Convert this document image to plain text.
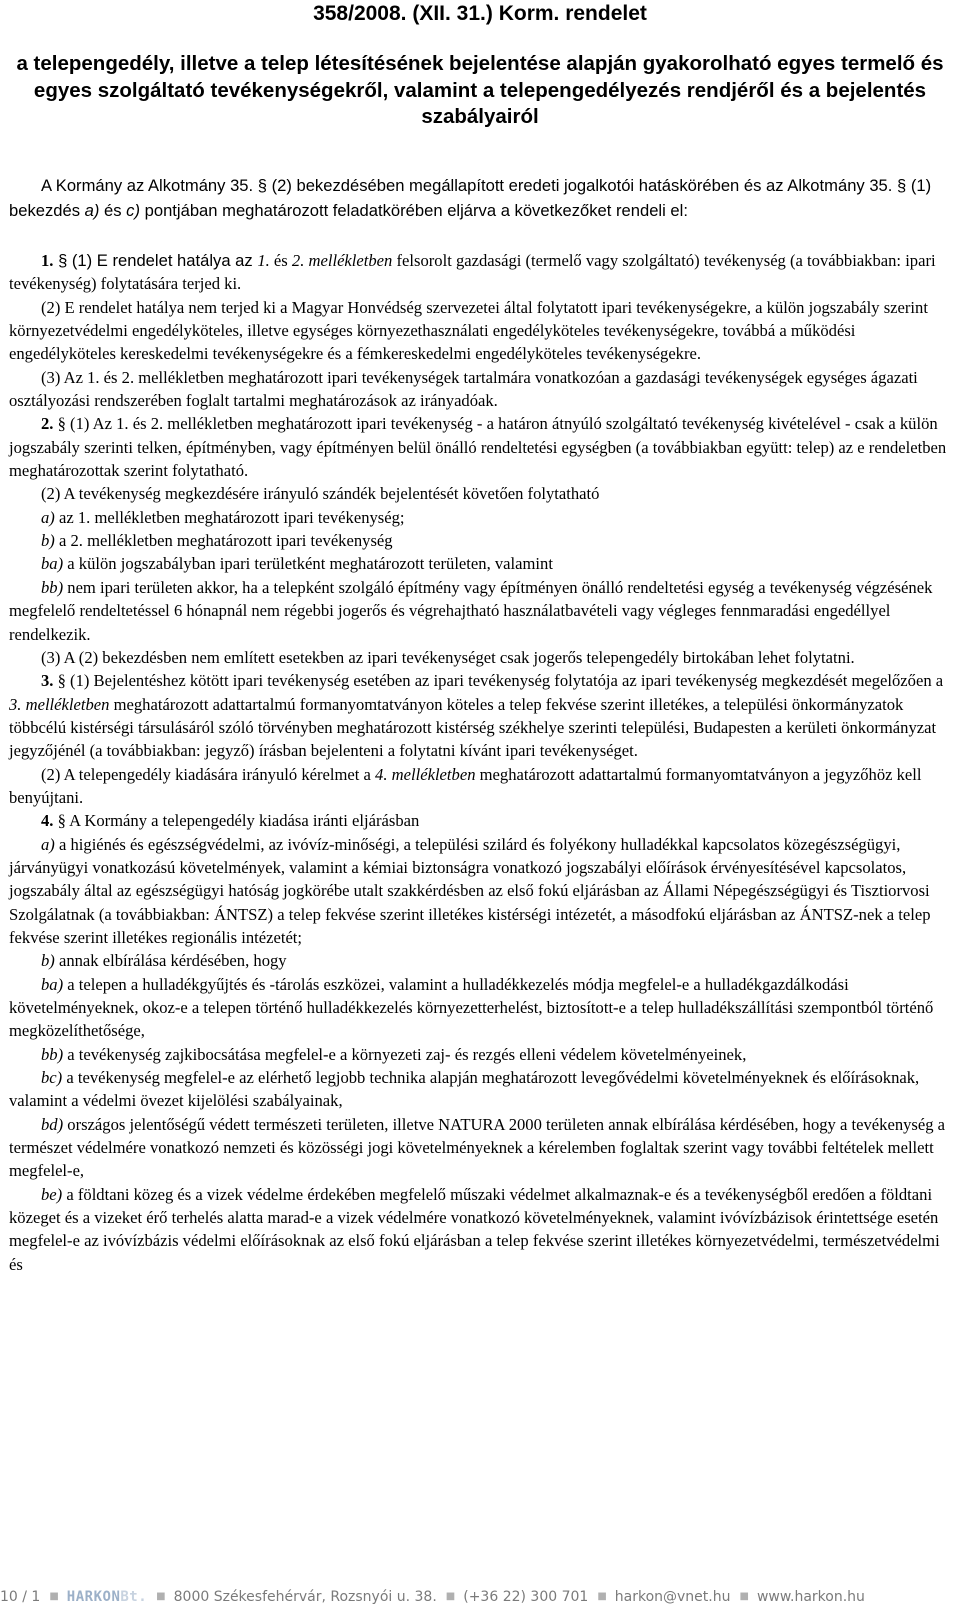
358/2008. (XII. 31.) Korm. rendelet
a telepengedély, illetve a telep létesítésének bejelentése alapján gyakorolható egyes termelő és egyes szolgáltató tevékenységekről, valamint a telepengedélyezés rendjéről és a bejelentés szabályairól

A Kormány az Alkotmány 35. § (2) bekezdésében megállapított eredeti jogalkotói hatáskörében és az Alkotmány 35. § (1) bekezdés a) és c) pontjában meghatározott feladatkörében eljárva a következőket rendeli el:

1. § (1) E rendelet hatálya az 1. és 2. mellékletben felsorolt gazdasági (termelő vagy szolgáltató) tevékenység (a továbbiakban: ipari tevékenység) folytatására terjed ki.

(2) E rendelet hatálya nem terjed ki a Magyar Honvédség szervezetei által folytatott ipari tevékenységekre, a külön jogszabály szerint környezetvédelmi engedélyköteles, illetve egységes környezethasználati engedélyköteles tevékenységekre, továbbá a működési engedélyköteles kereskedelmi tevékenységekre és a fémkereskedelmi engedélyköteles tevékenységekre.

(3) Az 1. és 2. mellékletben meghatározott ipari tevékenységek tartalmára vonatkozóan a gazdasági tevékenységek egységes ágazati osztályozási rendszerében foglalt tartalmi meghatározások az irányadóak.

2. § (1) Az 1. és 2. mellékletben meghatározott ipari tevékenység - a határon átnyúló szolgáltató tevékenység kivételével - csak a külön jogszabály szerinti telken, építményben, vagy építményen belül önálló rendeltetési egységben (a továbbiakban együtt: telep) az e rendeletben meghatározottak szerint folytatható.

(2) A tevékenység megkezdésére irányuló szándék bejelentését követően folytatható

a) az 1. mellékletben meghatározott ipari tevékenység;

b) a 2. mellékletben meghatározott ipari tevékenység

ba) a külön jogszabályban ipari területként meghatározott területen, valamint

bb) nem ipari területen akkor, ha a telepként szolgáló építmény vagy építményen önálló rendeltetési egység a tevékenység végzésének megfelelő rendeltetéssel 6 hónapnál nem régebbi jogerős és végrehajtható használatbavételi vagy végleges fennmaradási engedéllyel rendelkezik.

(3) A (2) bekezdésben nem említett esetekben az ipari tevékenységet csak jogerős telepengedély birtokában lehet folytatni.

3. § (1) Bejelentéshez kötött ipari tevékenység esetében az ipari tevékenység folytatója az ipari tevékenység megkezdését megelőzően a 3. mellékletben meghatározott adattartalmú formanyomtatványon köteles a telep fekvése szerint illetékes, a települési önkormányzatok többcélú kistérségi társulásáról szóló törvényben meghatározott kistérség székhelye szerinti települési, Budapesten a kerületi önkormányzat jegyzőjénél (a továbbiakban: jegyző) írásban bejelenteni a folytatni kívánt ipari tevékenységet.

(2) A telepengedély kiadására irányuló kérelmet a 4. mellékletben meghatározott adattartalmú formanyomtatványon a jegyzőhöz kell benyújtani.

4. § A Kormány a telepengedély kiadása iránti eljárásban

a) a higiénés és egészségvédelmi, az ivóvíz-minőségi, a települési szilárd és folyékony hulladékkal kapcsolatos közegészségügyi, járványügyi vonatkozású követelmények, valamint a kémiai biztonságra vonatkozó jogszabályi előírások érvényesítésével kapcsolatos, jogszabály által az egészségügyi hatóság jogkörébe utalt szakkérdésben az első fokú eljárásban az Állami Népegészségügyi és Tisztiorvosi Szolgálatnak (a továbbiakban: ÁNTSZ) a telep fekvése szerint illetékes kistérségi intézetét, a másodfokú eljárásban az ÁNTSZ-nek a telep fekvése szerint illetékes regionális intézetét;

b) annak elbírálása kérdésében, hogy

ba) a telepen a hulladékgyűjtés és -tárolás eszközei, valamint a hulladékkezelés módja megfelel-e a hulladékgazdálkodási követelményeknek, okoz-e a telepen történő hulladékkezelés környezetterhelést, biztosított-e a telep hulladékszállítási szempontból történő megközelíthetősége,

bb) a tevékenység zajkibocsátása megfelel-e a környezeti zaj- és rezgés elleni védelem követelményeinek,

bc) a tevékenység megfelel-e az elérhető legjobb technika alapján meghatározott levegővédelmi követelményeknek és előírásoknak, valamint a védelmi övezet kijelölési szabályainak,

bd) országos jelentőségű védett természeti területen, illetve NATURA 2000 területen annak elbírálása kérdésében, hogy a tevékenység a természet védelmére vonatkozó nemzeti és közösségi jogi követelményeknek a kérelemben foglaltak szerint vagy további feltételek mellett megfelel-e,

be) a földtani közeg és a vizek védelme érdekében megfelelő műszaki védelmet alkalmaznak-e és a tevékenységből eredően a földtani közeget és a vizeket érő terhelés alatta marad-e a vizek védelmére vonatkozó követelményeknek, valamint ivóvízbázisok érintettsége esetén megfelel-e az ivóvízbázis védelmi előírásoknak az első fokú eljárásban a telep fekvése szerint illetékes környezetvédelmi, természetvédelmi és

10 / 1 ■ HARKONBt. ■ 8000 Székesfehérvár, Rozsnyói u. 38. ■ (+36 22) 300 701 ■ harkon@vnet.hu ■ www.harkon.hu
